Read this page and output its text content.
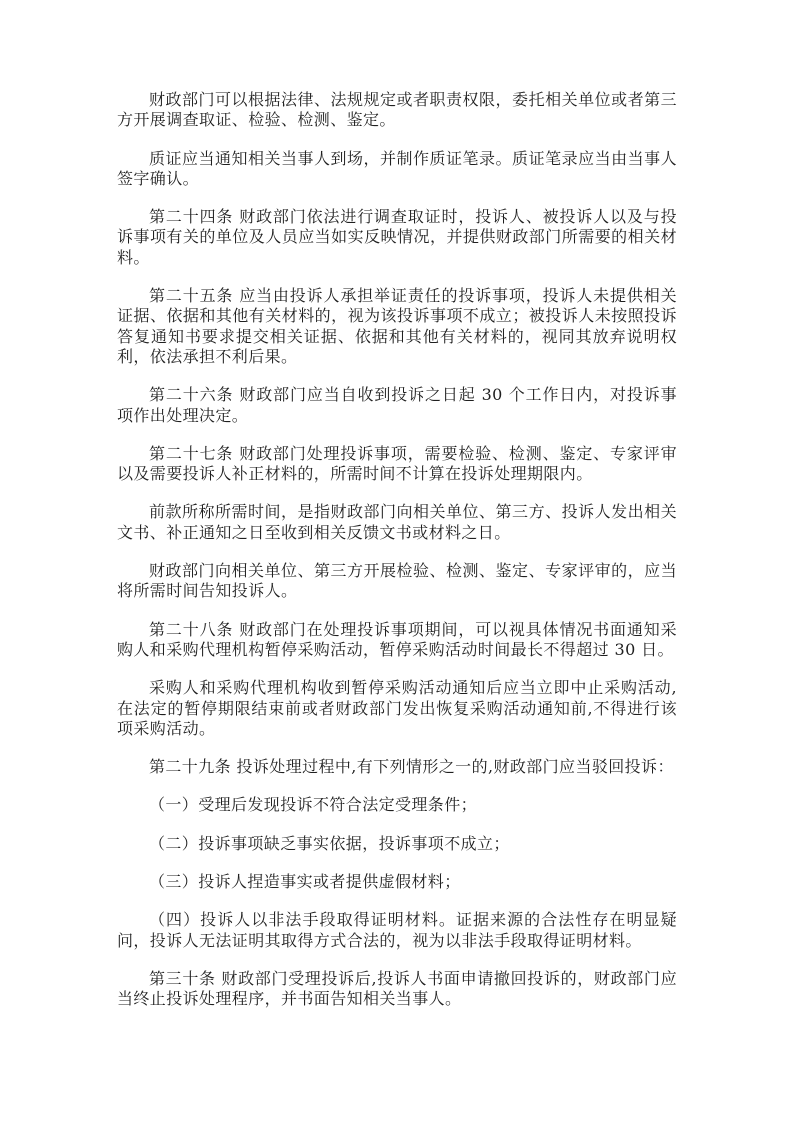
财政部门可以根据法律、法规规定或者职责权限，委托相关单位或者第三方开展调查取证、检验、检测、鉴定。

质证应当通知相关当事人到场，并制作质证笔录。质证笔录应当由当事人签字确认。

第二十四条 财政部门依法进行调查取证时，投诉人、被投诉人以及与投诉事项有关的单位及人员应当如实反映情况，并提供财政部门所需要的相关材料。

第二十五条 应当由投诉人承担举证责任的投诉事项，投诉人未提供相关证据、依据和其他有关材料的，视为该投诉事项不成立；被投诉人未按照投诉答复通知书要求提交相关证据、依据和其他有关材料的，视同其放弃说明权利，依法承担不利后果。

第二十六条 财政部门应当自收到投诉之日起 30 个工作日内，对投诉事项作出处理决定。

第二十七条 财政部门处理投诉事项，需要检验、检测、鉴定、专家评审以及需要投诉人补正材料的，所需时间不计算在投诉处理期限内。

前款所称所需时间，是指财政部门向相关单位、第三方、投诉人发出相关文书、补正通知之日至收到相关反馈文书或材料之日。

财政部门向相关单位、第三方开展检验、检测、鉴定、专家评审的，应当将所需时间告知投诉人。

第二十八条 财政部门在处理投诉事项期间，可以视具体情况书面通知采购人和采购代理机构暂停采购活动，暂停采购活动时间最长不得超过 30 日。

采购人和采购代理机构收到暂停采购活动通知后应当立即中止采购活动,在法定的暂停期限结束前或者财政部门发出恢复采购活动通知前,不得进行该项采购活动。

第二十九条 投诉处理过程中,有下列情形之一的,财政部门应当驳回投诉：

（一）受理后发现投诉不符合法定受理条件；

（二）投诉事项缺乏事实依据，投诉事项不成立；

（三）投诉人捏造事实或者提供虚假材料；

（四）投诉人以非法手段取得证明材料。证据来源的合法性存在明显疑问，投诉人无法证明其取得方式合法的，视为以非法手段取得证明材料。

第三十条 财政部门受理投诉后,投诉人书面申请撤回投诉的，财政部门应当终止投诉处理程序，并书面告知相关当事人。
